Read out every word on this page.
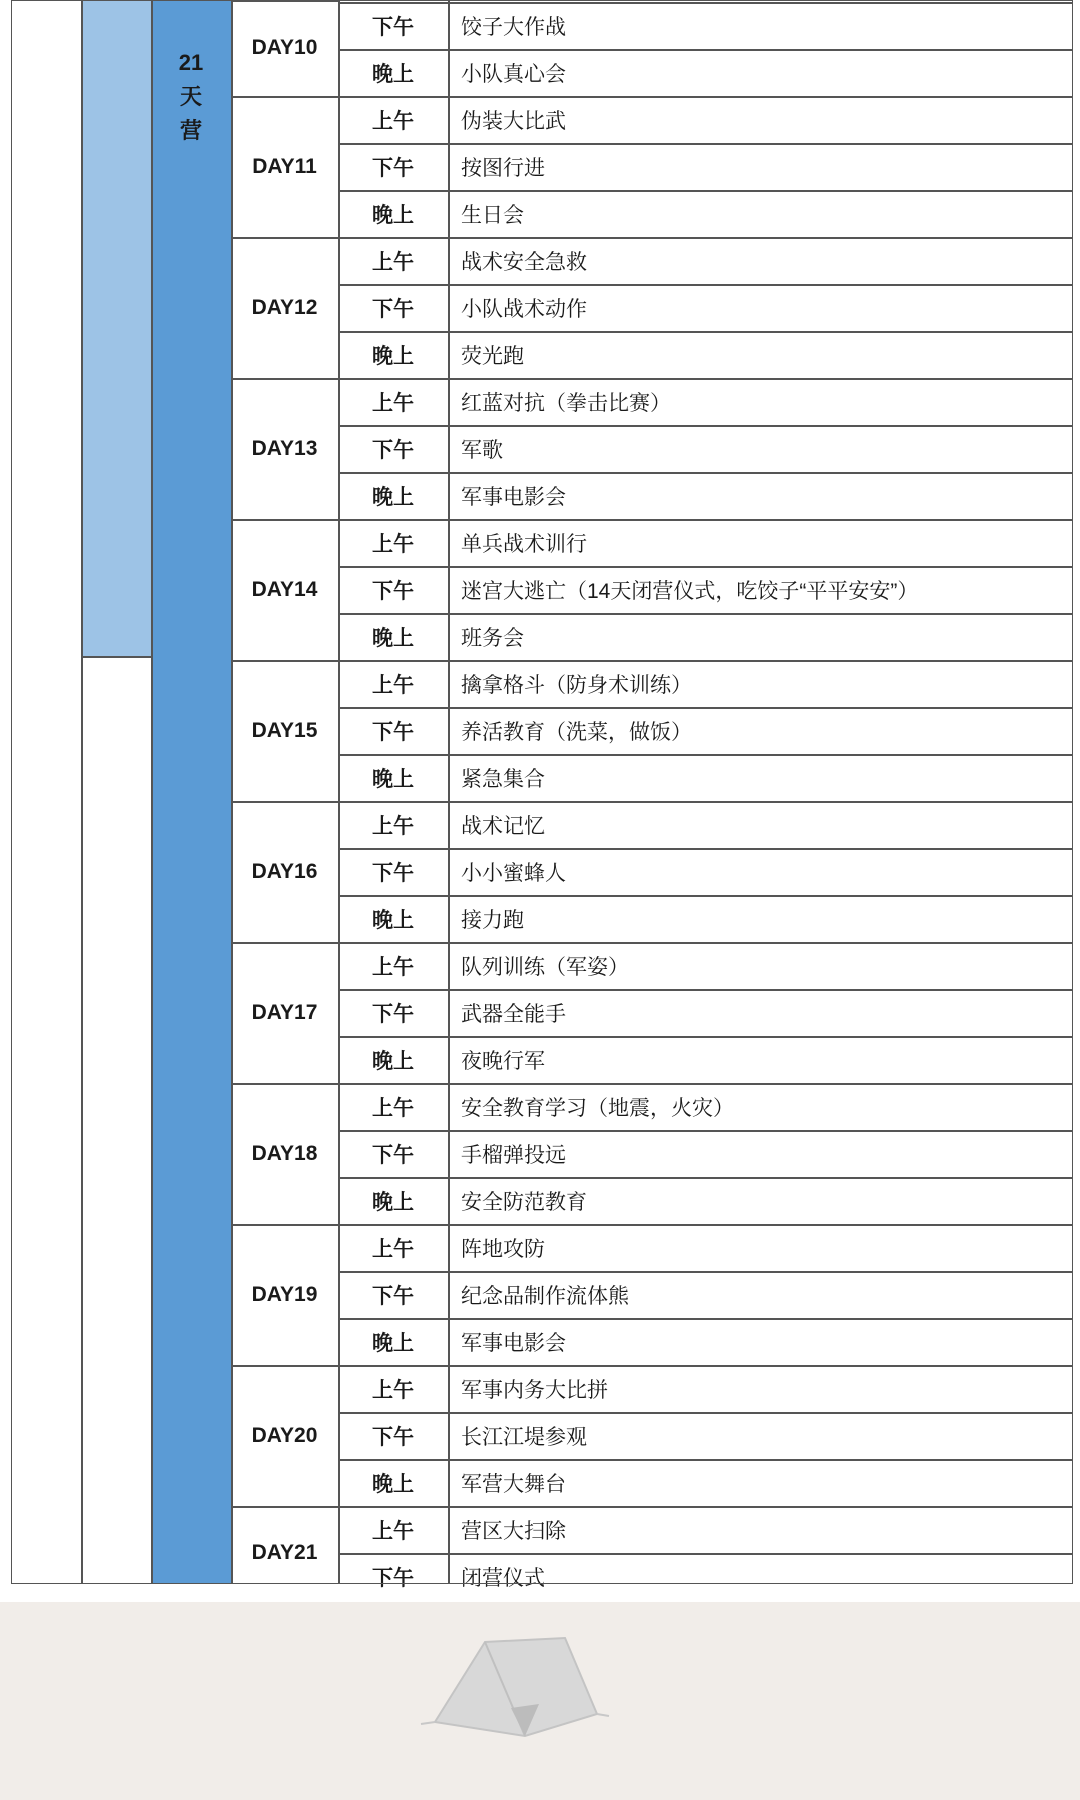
21
天
营
DAY10
下午	饺子大作战
晚上	小队真心会
DAY11
上午	伪装大比武
下午	按图行进
晚上	生日会
DAY12
上午	战术安全急救
下午	小队战术动作
晚上	荧光跑
DAY13
上午	红蓝对抗（拳击比赛）
下午	军歌
晚上	军事电影会
DAY14
上午	单兵战术训行
下午	迷宫大逃亡（14天闭营仪式，吃饺子“平平安安”）
晚上	班务会
DAY15
上午	擒拿格斗（防身术训练）
下午	养活教育（洗菜，做饭）
晚上	紧急集合
DAY16
上午	战术记忆
下午	小小蜜蜂人
晚上	接力跑
DAY17
上午	队列训练（军姿）
下午	武器全能手
晚上	夜晚行军
DAY18
上午	安全教育学习（地震，火灾）
下午	手榴弹投远
晚上	安全防范教育
DAY19
上午	阵地攻防
下午	纪念品制作流体熊
晚上	军事电影会
DAY20
上午	军事内务大比拼
下午	长江江堤参观
晚上	军营大舞台
DAY21
上午	营区大扫除
下午	闭营仪式
